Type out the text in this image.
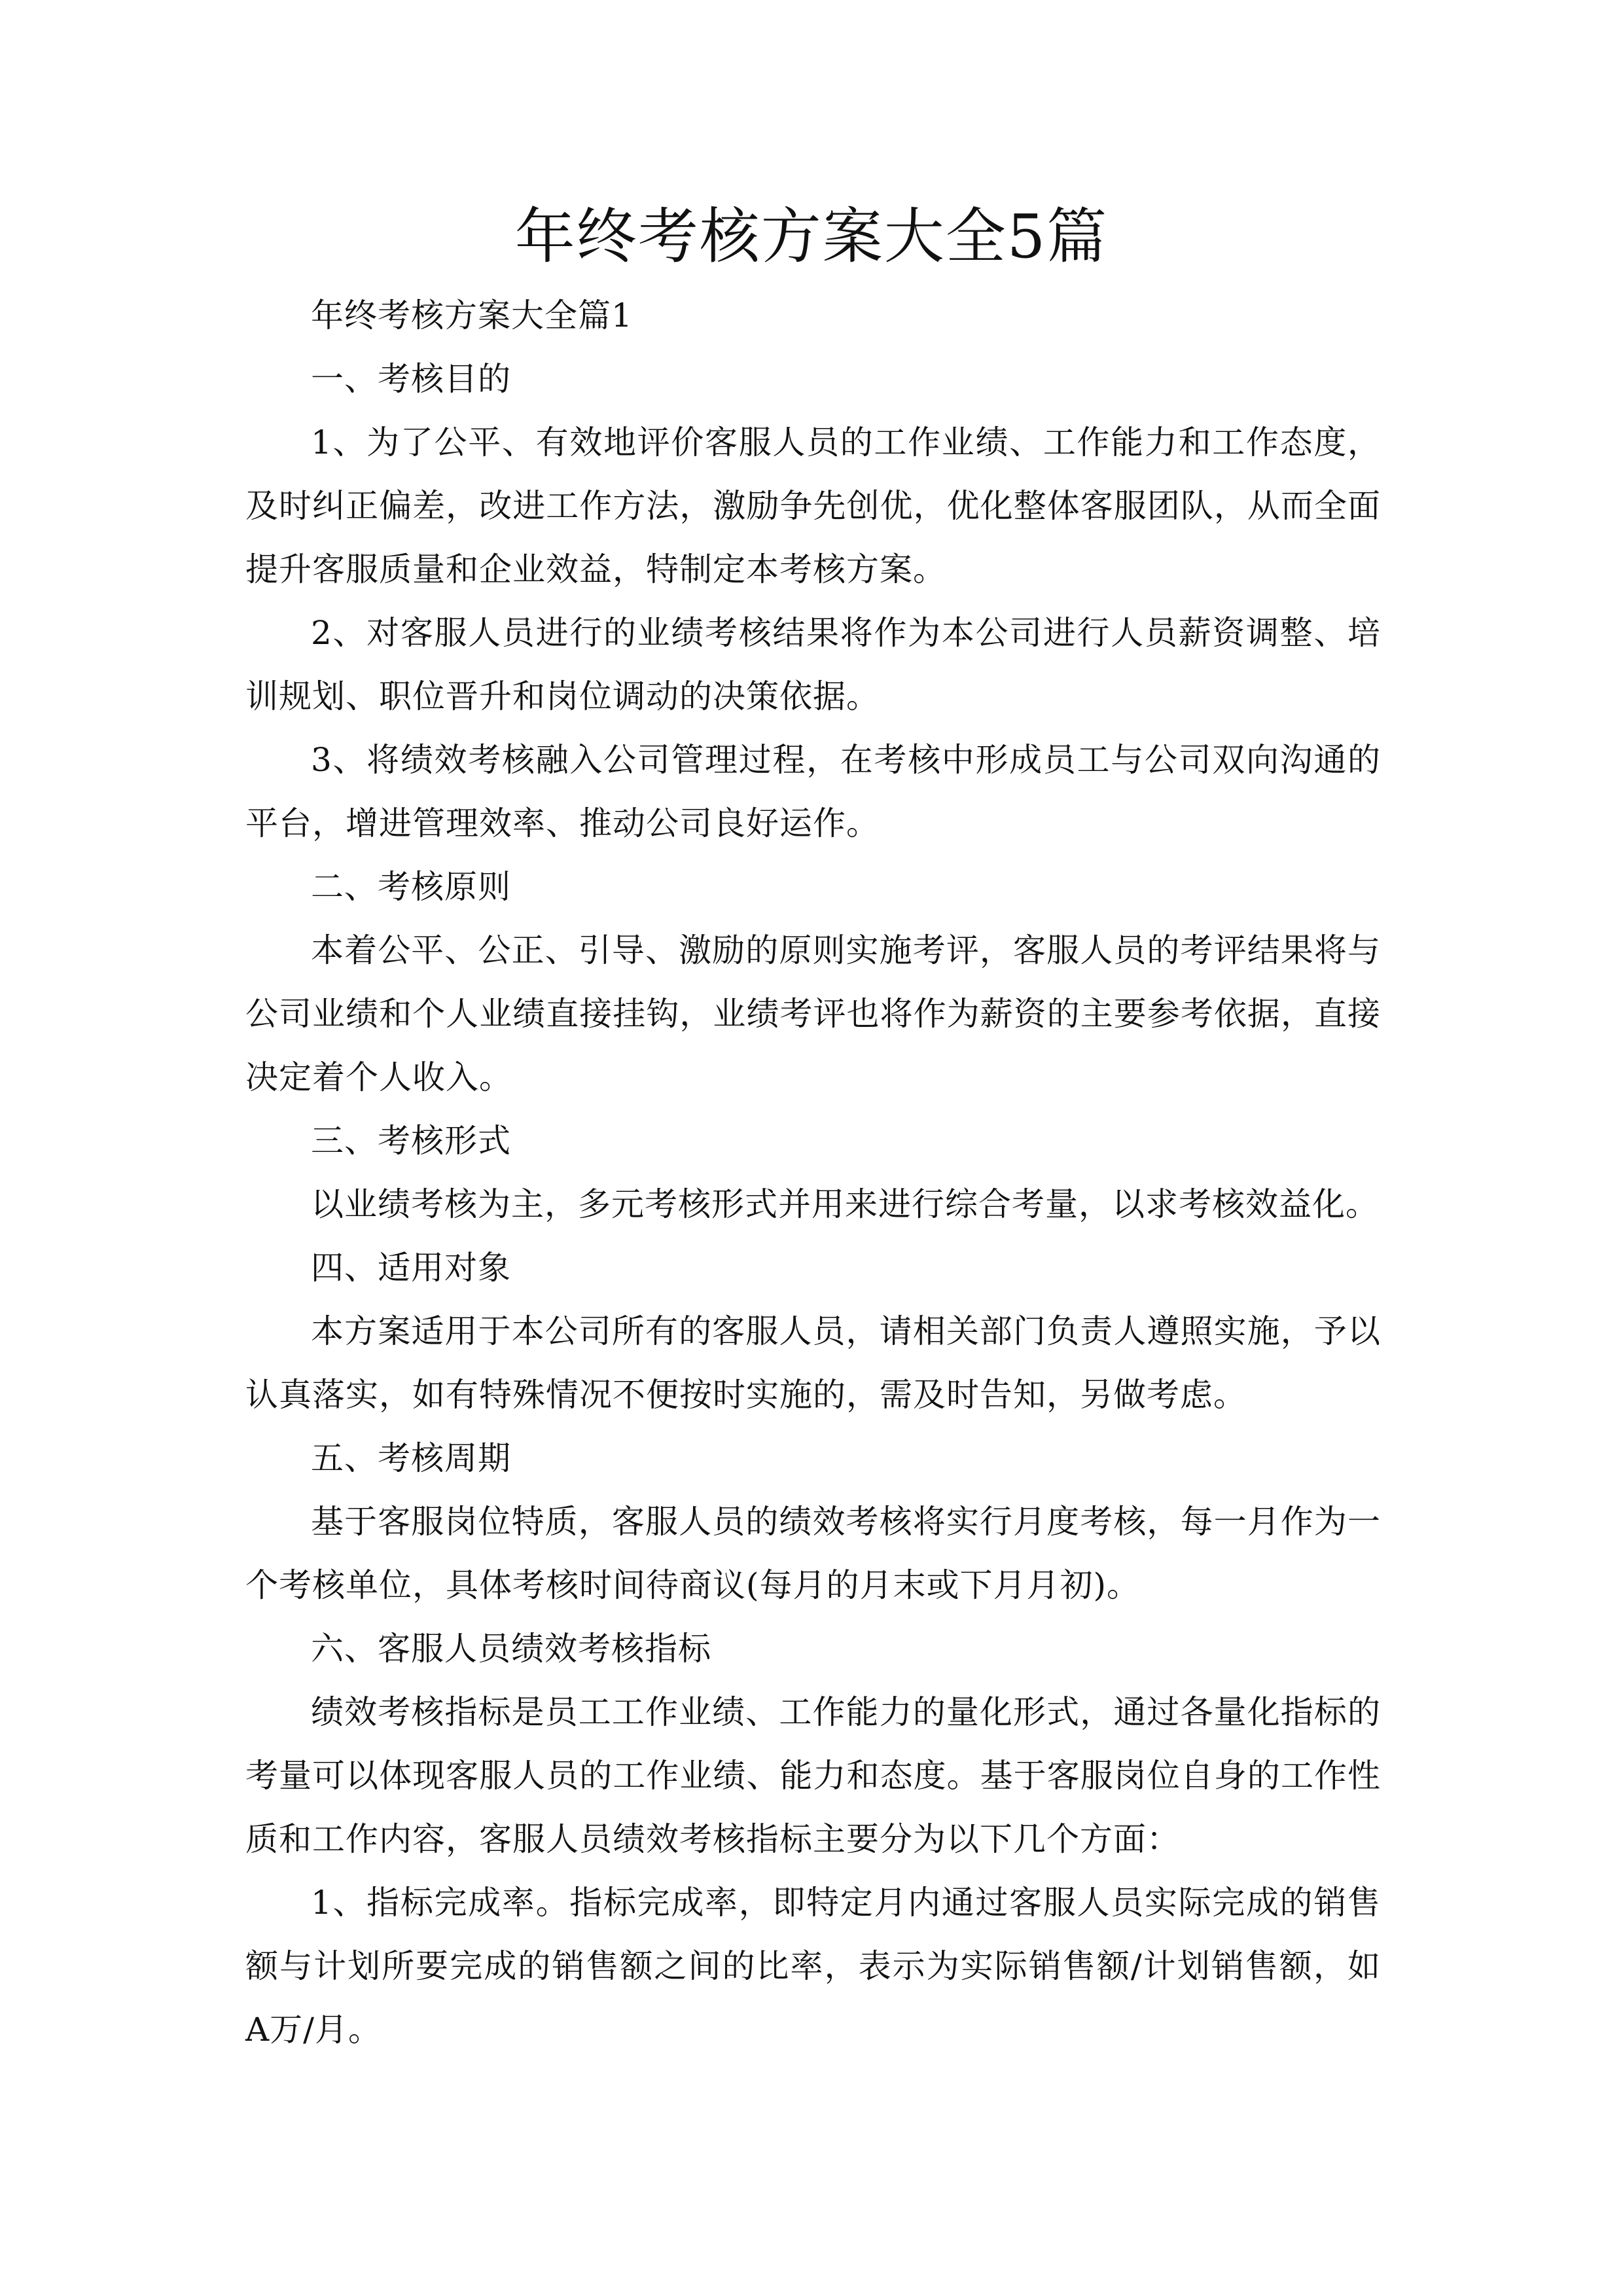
年终考核方案大全5篇

年终考核方案大全篇1

一、考核目的

1、为了公平、有效地评价客服人员的工作业绩、工作能力和工作态度，及时纠正偏差，改进工作方法，激励争先创优，优化整体客服团队，从而全面提升客服质量和企业效益，特制定本考核方案。

2、对客服人员进行的业绩考核结果将作为本公司进行人员薪资调整、培训规划、职位晋升和岗位调动的决策依据。

3、将绩效考核融入公司管理过程，在考核中形成员工与公司双向沟通的平台，增进管理效率、推动公司良好运作。

二、考核原则

本着公平、公正、引导、激励的原则实施考评，客服人员的考评结果将与公司业绩和个人业绩直接挂钩，业绩考评也将作为薪资的主要参考依据，直接决定着个人收入。

三、考核形式

以业绩考核为主，多元考核形式并用来进行综合考量，以求考核效益化。

四、适用对象

本方案适用于本公司所有的客服人员，请相关部门负责人遵照实施，予以认真落实，如有特殊情况不便按时实施的，需及时告知，另做考虑。

五、考核周期

基于客服岗位特质，客服人员的绩效考核将实行月度考核，每一月作为一个考核单位，具体考核时间待商议(每月的月末或下月月初)。

六、客服人员绩效考核指标

绩效考核指标是员工工作业绩、工作能力的量化形式，通过各量化指标的考量可以体现客服人员的工作业绩、能力和态度。基于客服岗位自身的工作性质和工作内容，客服人员绩效考核指标主要分为以下几个方面：

1、指标完成率。指标完成率，即特定月内通过客服人员实际完成的销售额与计划所要完成的销售额之间的比率，表示为实际销售额/计划销售额，如A万/月。
